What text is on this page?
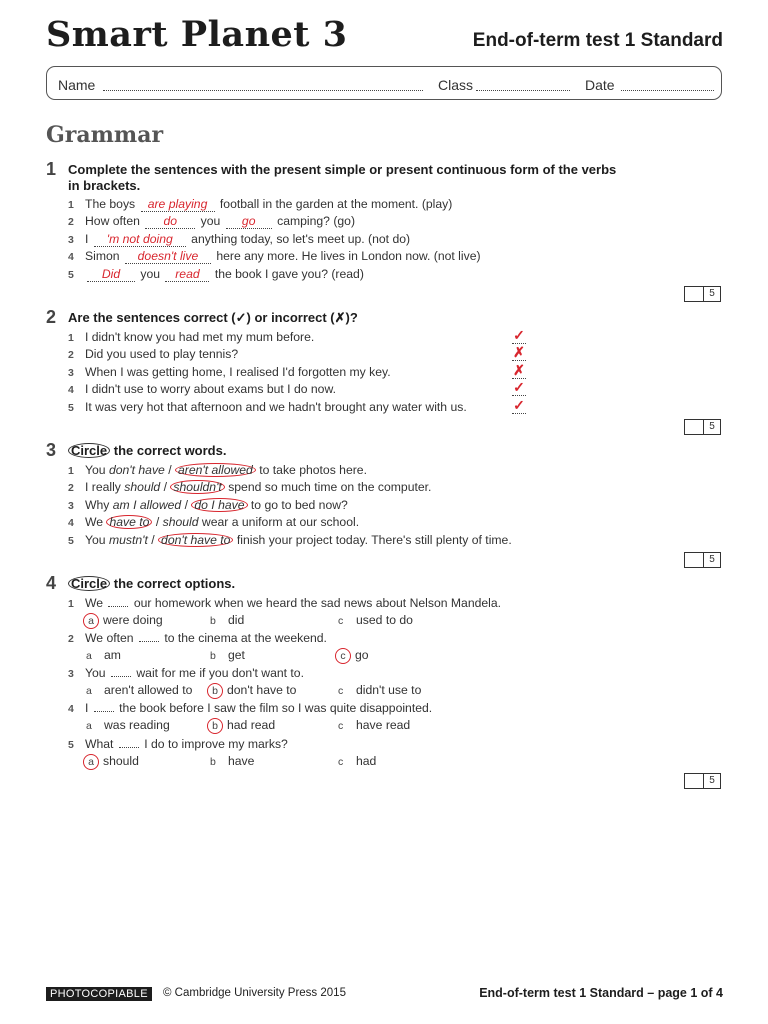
Smart Planet 3	End-of-term test 1 Standard
Name	Class	Date
Grammar
1 Complete the sentences with the present simple or present continuous form of the verbs
in brackets.
1 The boys are playing football in the garden at the moment. (play)
2 How often do you go camping? (go)
3 I 'm not doing anything today, so let's meet up. (not do)
4 Simon doesn't live here any more. He lives in London now. (not live)
5 Did you read the book I gave you? (read)
5
2 Are the sentences correct (✓) or incorrect (✗)?
1 I didn't know you had met my mum before.	✓
2 Did you used to play tennis?	✗
3 When I was getting home, I realised I'd forgotten my key.	✗
4 I didn't use to worry about exams but I do now.	✓
5 It was very hot that afternoon and we hadn't brought any water with us.	✓
5
3 Circle the correct words.
1 You don't have / aren't allowed to take photos here.
2 I really should / shouldn't spend so much time on the computer.
3 Why am I allowed / do I have to go to bed now?
4 We have to / should wear a uniform at our school.
5 You mustn't / don't have to finish your project today. There's still plenty of time.
5
4 Circle the correct options.
1 We	our homework when we heard the sad news about Nelson Mandela.
a were doing	b did	c used to do
2 We often	to the cinema at the weekend.
a am	b get	c go
3 You	wait for me if you don't want to.
a aren't allowed to b don't have to	c didn't use to
4 I	the book before I saw the film so I was quite disappointed.
a was reading	b had read	c have read
5 What	I do to improve my marks?
a should	b have	c had
5
PHOTOCOPIABLE	© Cambridge University Press 2015	End-of-term test 1 Standard – page 1 of 4
